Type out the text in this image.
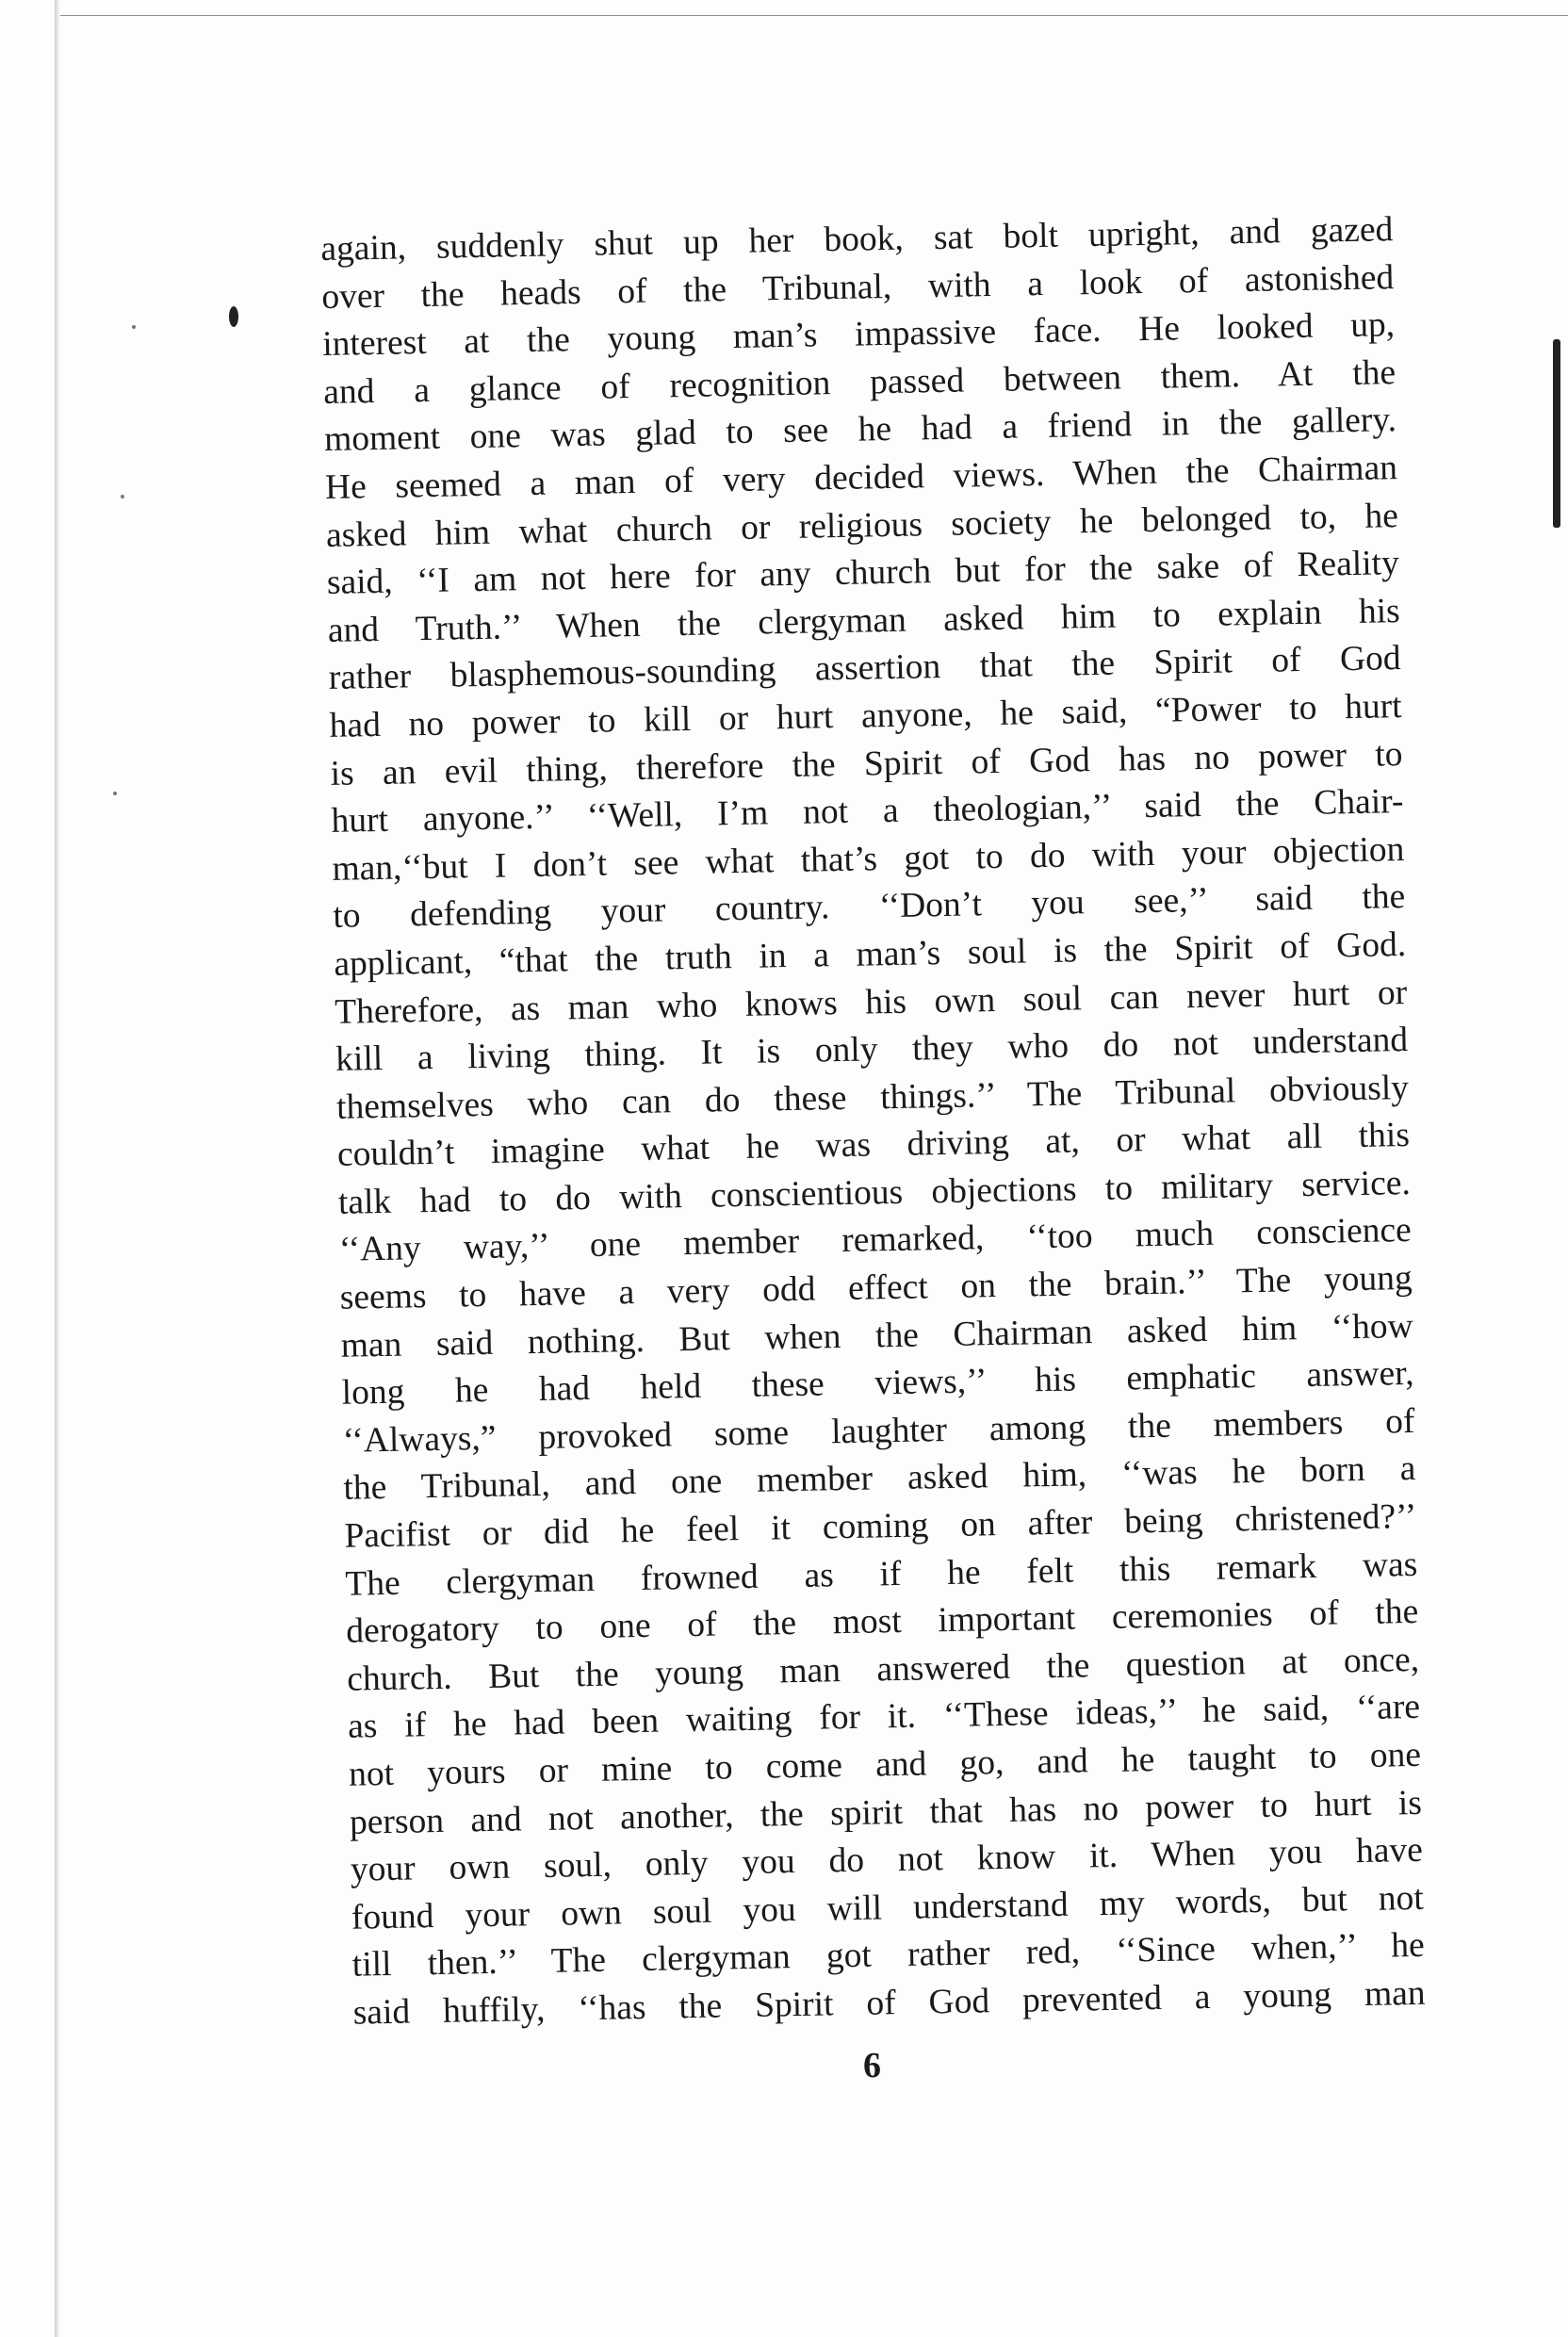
again, suddenly shut up her book, sat bolt upright, and gazed
over the heads of the Tribunal, with a look of astonished
interest at the young man’s impassive face. He looked up,
and a glance of recognition passed between them. At the
moment one was glad to see he had a friend in the gallery.
He seemed a man of very decided views. When the Chairman
asked him what church or religious society he belonged to, he
said, ‘‘I am not here for any church but for the sake of Reality
and Truth.’’ When the clergyman asked him to explain his
rather blasphemous-sounding assertion that the Spirit of God
had no power to kill or hurt anyone, he said, “Power to hurt
is an evil thing, therefore the Spirit of God has no power to
hurt anyone.’’ ‘‘Well, I’m not a theologian,’’ said the Chair-
man,‘‘but I don’t see what that’s got to do with your objection
to defending your country. ‘‘Don’t you see,’’ said the
applicant, “that the truth in a man’s soul is the Spirit of God.
Therefore, as man who knows his own soul can never hurt or
kill a living thing. It is only they who do not understand
themselves who can do these things.’’ The Tribunal obviously
couldn’t imagine what he was driving at, or what all this
talk had to do with conscientious objections to military service.
‘‘Any way,’’ one member remarked, ‘‘too much conscience
seems to have a very odd effect on the brain.’’ The young
man said nothing. But when the Chairman asked him ‘‘how
long he had held these views,’’ his emphatic answer,
‘‘Always,” provoked some laughter among the members of
the Tribunal, and one member asked him, ‘‘was he born a
Pacifist or did he feel it coming on after being christened?’’
The clergyman frowned as if he felt this remark was
derogatory to one of the most important ceremonies of the
church. But the young man answered the question at once,
as if he had been waiting for it. ‘‘These ideas,’’ he said, ‘‘are
not yours or mine to come and go, and he taught to one
person and not another, the spirit that has no power to hurt is
your own soul, only you do not know it. When you have
found your own soul you will understand my words, but not
till then.’’ The clergyman got rather red, ‘‘Since when,’’ he
said huffily, ‘‘has the Spirit of God prevented a young man
6
